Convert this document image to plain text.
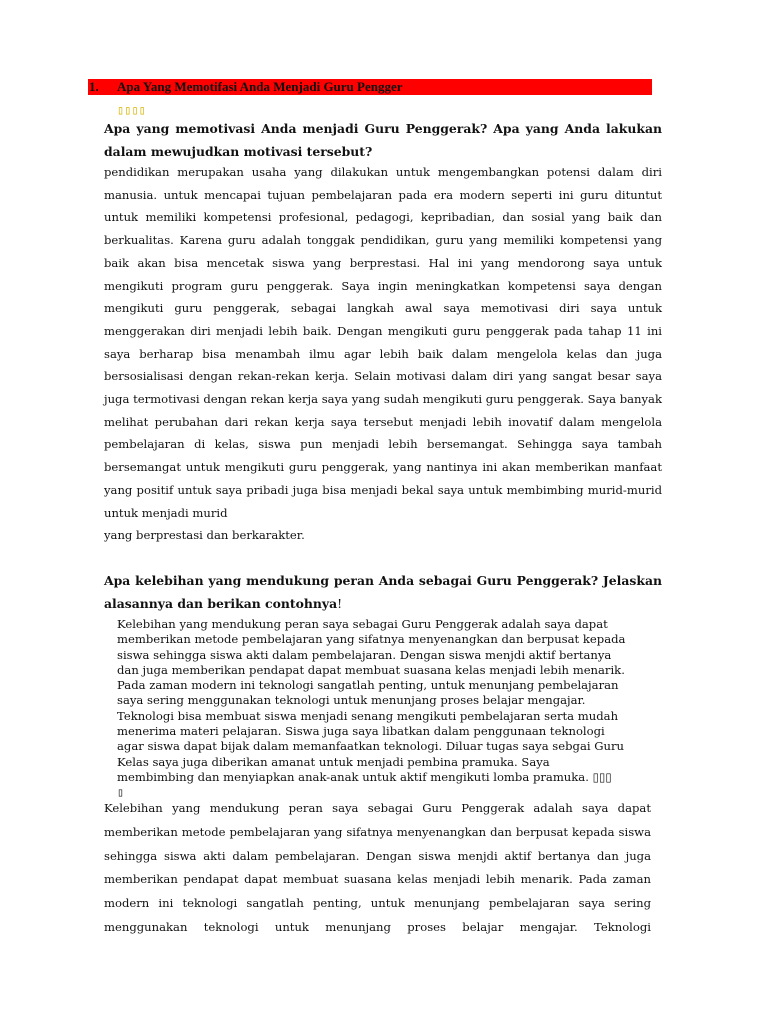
1. Apa Yang Memotifasi Anda Menjadi Guru Pengger
▯▯▯▯

Apa yang memotivasi Anda menjadi Guru Penggerak? Apa yang Anda lakukan dalam mewujudkan motivasi tersebut?

pendidikan merupakan usaha yang dilakukan untuk mengembangkan potensi dalam diri manusia. untuk mencapai tujuan pembelajaran pada era modern seperti ini guru dituntut untuk memiliki kompetensi profesional, pedagogi, kepribadian, dan sosial yang baik dan berkualitas. Karena guru adalah tonggak pendidikan, guru yang memiliki kompetensi yang baik akan bisa mencetak siswa yang berprestasi. Hal ini yang mendorong saya untuk mengikuti program guru penggerak. Saya ingin meningkatkan kompetensi saya dengan mengikuti guru penggerak, sebagai langkah awal saya memotivasi diri saya untuk menggerakan diri menjadi lebih baik. Dengan mengikuti guru penggerak pada tahap 11 ini saya berharap bisa menambah ilmu agar lebih baik dalam mengelola kelas dan juga bersosialisasi dengan rekan-rekan kerja. Selain motivasi dalam diri yang sangat besar saya juga termotivasi dengan rekan kerja saya yang sudah mengikuti guru penggerak. Saya banyak melihat perubahan dari rekan kerja saya tersebut menjadi lebih inovatif dalam mengelola pembelajaran di kelas, siswa pun menjadi lebih bersemangat. Sehingga saya tambah bersemangat untuk mengikuti guru penggerak, yang nantinya ini akan memberikan manfaat yang positif untuk saya pribadi juga bisa menjadi bekal saya untuk membimbing murid-murid untuk menjadi murid
yang berprestasi dan berkarakter.

Apa kelebihan yang mendukung peran Anda sebagai Guru Penggerak? Jelaskan alasannya dan berikan contohnya!

Kelebihan yang mendukung peran saya sebagai Guru Penggerak adalah saya dapat
memberikan metode pembelajaran yang sifatnya menyenangkan dan berpusat kepada
siswa sehingga siswa akti dalam pembelajaran. Dengan siswa menjdi aktif bertanya
dan juga memberikan pendapat dapat membuat suasana kelas menjadi lebih menarik.
Pada zaman modern ini teknologi sangatlah penting, untuk menunjang pembelajaran
saya sering menggunakan teknologi untuk menunjang proses belajar mengajar.
Teknologi bisa membuat siswa menjadi senang mengikuti pembelajaran serta mudah
menerima materi pelajaran. Siswa juga saya libatkan dalam penggunaan teknologi
agar siswa dapat bijak dalam memanfaatkan teknologi. Diluar tugas saya sebgai Guru
Kelas saya juga diberikan amanat untuk menjadi pembina pramuka. Saya
membimbing dan menyiapkan anak-anak untuk aktif mengikuti lomba pramuka. ▯▯▯
▯

Kelebihan yang mendukung peran saya sebagai Guru Penggerak adalah saya dapat memberikan metode pembelajaran yang sifatnya menyenangkan dan berpusat kepada siswa sehingga siswa akti dalam pembelajaran. Dengan siswa menjdi aktif bertanya dan juga memberikan pendapat dapat membuat suasana kelas menjadi lebih menarik. Pada zaman modern ini teknologi sangatlah penting, untuk menunjang pembelajaran saya sering menggunakan teknologi untuk menunjang proses belajar mengajar. Teknologi
